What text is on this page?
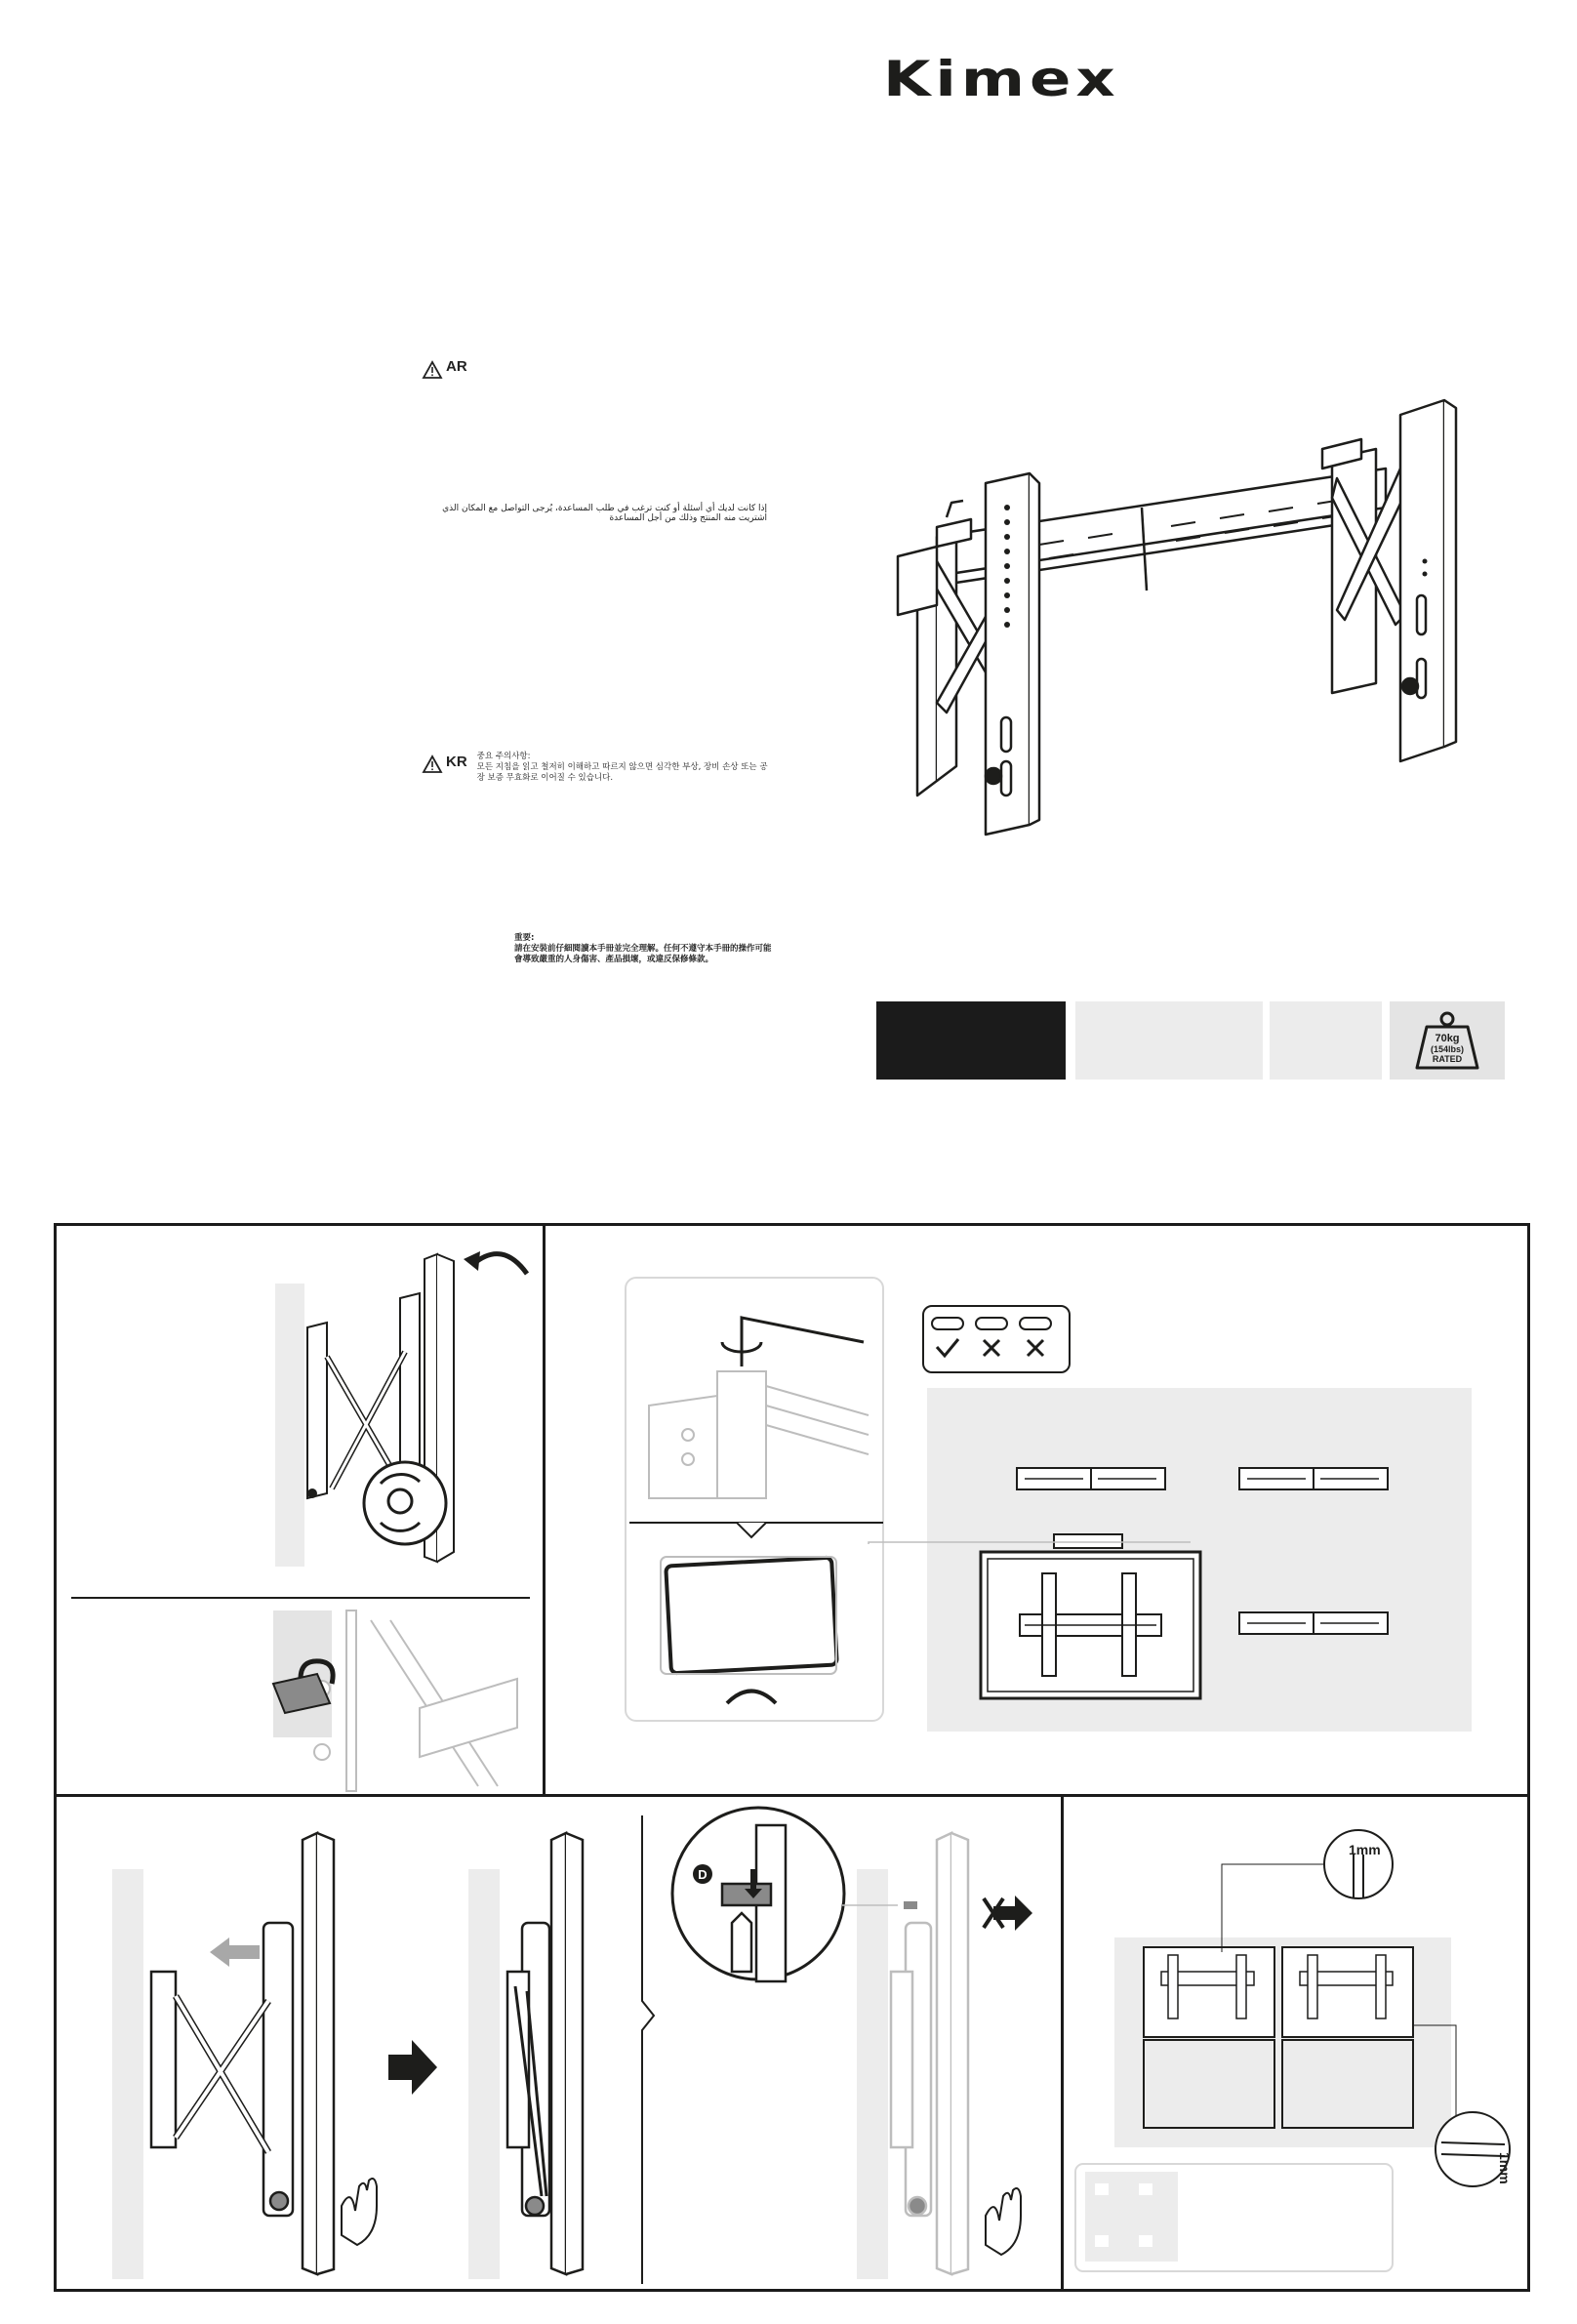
Kimex
AR
إذا كانت لديك أي أسئلة أو كنت ترغب في طلب المساعدة، يُرجى التواصل مع المكان الذي اشتريت منه المنتج وذلك من أجل المساعدة
KR 중요 주의사항:
모든 지침을 읽고 철저히 이해하고 따르지 않으면 심각한 부상, 장비 손상 또는 공장 보증 무효화로 이어질 수 있습니다.
重要:
請在安裝前仔細閱讀本手冊並完全理解。任何不遵守本手冊的操作可能會導致嚴重的人身傷害、產品損壞，或違反保修條款。
70kg
(154lbs)
RATED
D
1mm
1mm
